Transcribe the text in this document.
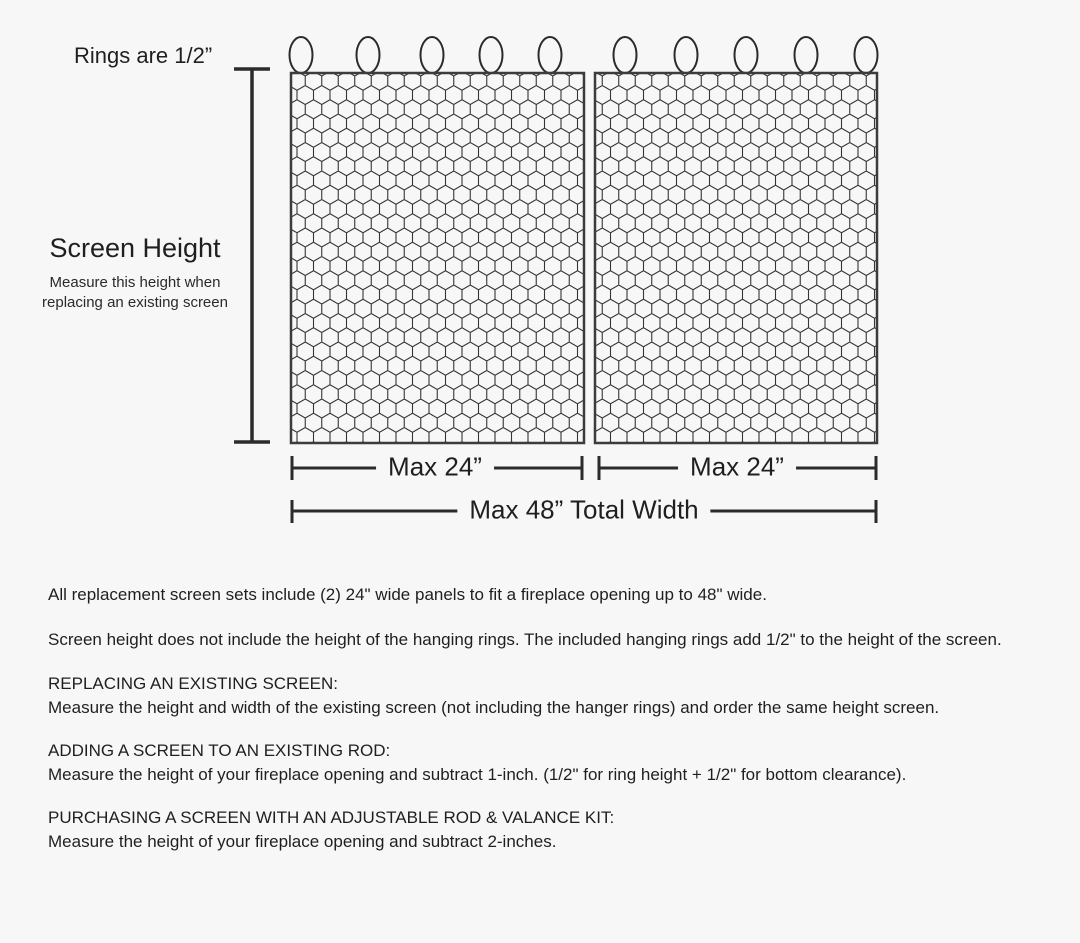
Rings are 1/2”
Screen Height
Measure this height when
replacing an existing screen
Max 24”	Max 24”
Max 48” Total Width

All replacement screen sets include (2) 24" wide panels to fit a fireplace opening up to 48" wide.

Screen height does not include the height of the hanging rings. The included hanging rings add 1/2" to the height of the screen.

REPLACING AN EXISTING SCREEN:
Measure the height and width of the existing screen (not including the hanger rings) and order the same height screen.
ADDING A SCREEN TO AN EXISTING ROD:
Measure the height of your fireplace opening and subtract 1-inch. (1/2" for ring height + 1/2" for bottom clearance).
PURCHASING A SCREEN WITH AN ADJUSTABLE ROD & VALANCE KIT:
Measure the height of your fireplace opening and subtract 2-inches.
